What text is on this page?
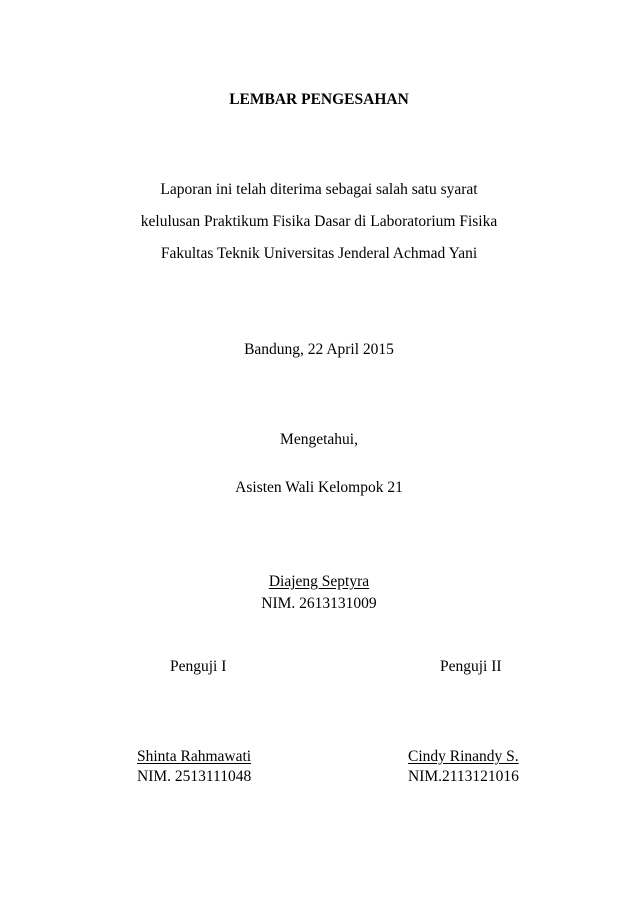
LEMBAR PENGESAHAN
Laporan ini telah diterima sebagai salah satu syarat
kelulusan Praktikum Fisika Dasar di Laboratorium Fisika
Fakultas Teknik Universitas Jenderal Achmad Yani
Bandung, 22 April 2015
Mengetahui,
Asisten Wali Kelompok 21
Diajeng Septyra
NIM. 2613131009
Penguji I	Penguji II
Shinta Rahmawati
NIM. 2513111048
Cindy Rinandy S.
NIM.2113121016
